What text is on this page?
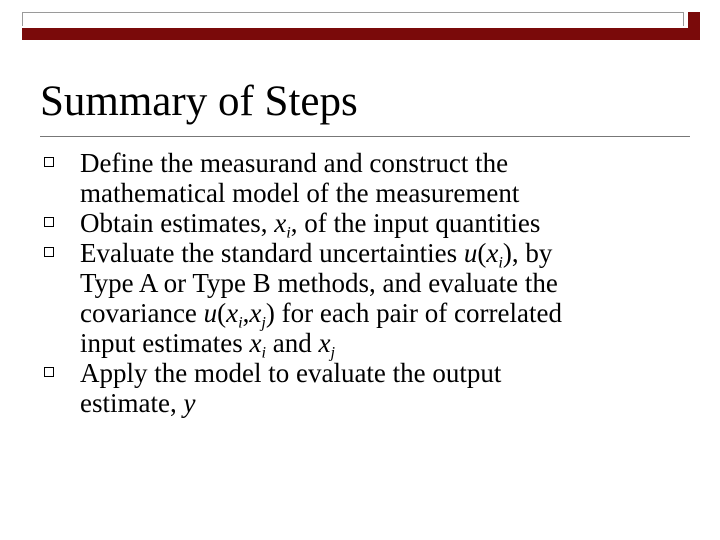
Summary of Steps
Define the measurand and construct the
mathematical model of the measurement
Obtain estimates, $x_i$, of the input quantities
Evaluate the standard uncertainties $u(x_i)$, by
Type A or Type B methods, and evaluate the
covariance $u(x_i,x_j)$ for each pair of correlated
input estimates $x_i$ and $x_j$
Apply the model to evaluate the output
estimate, y
